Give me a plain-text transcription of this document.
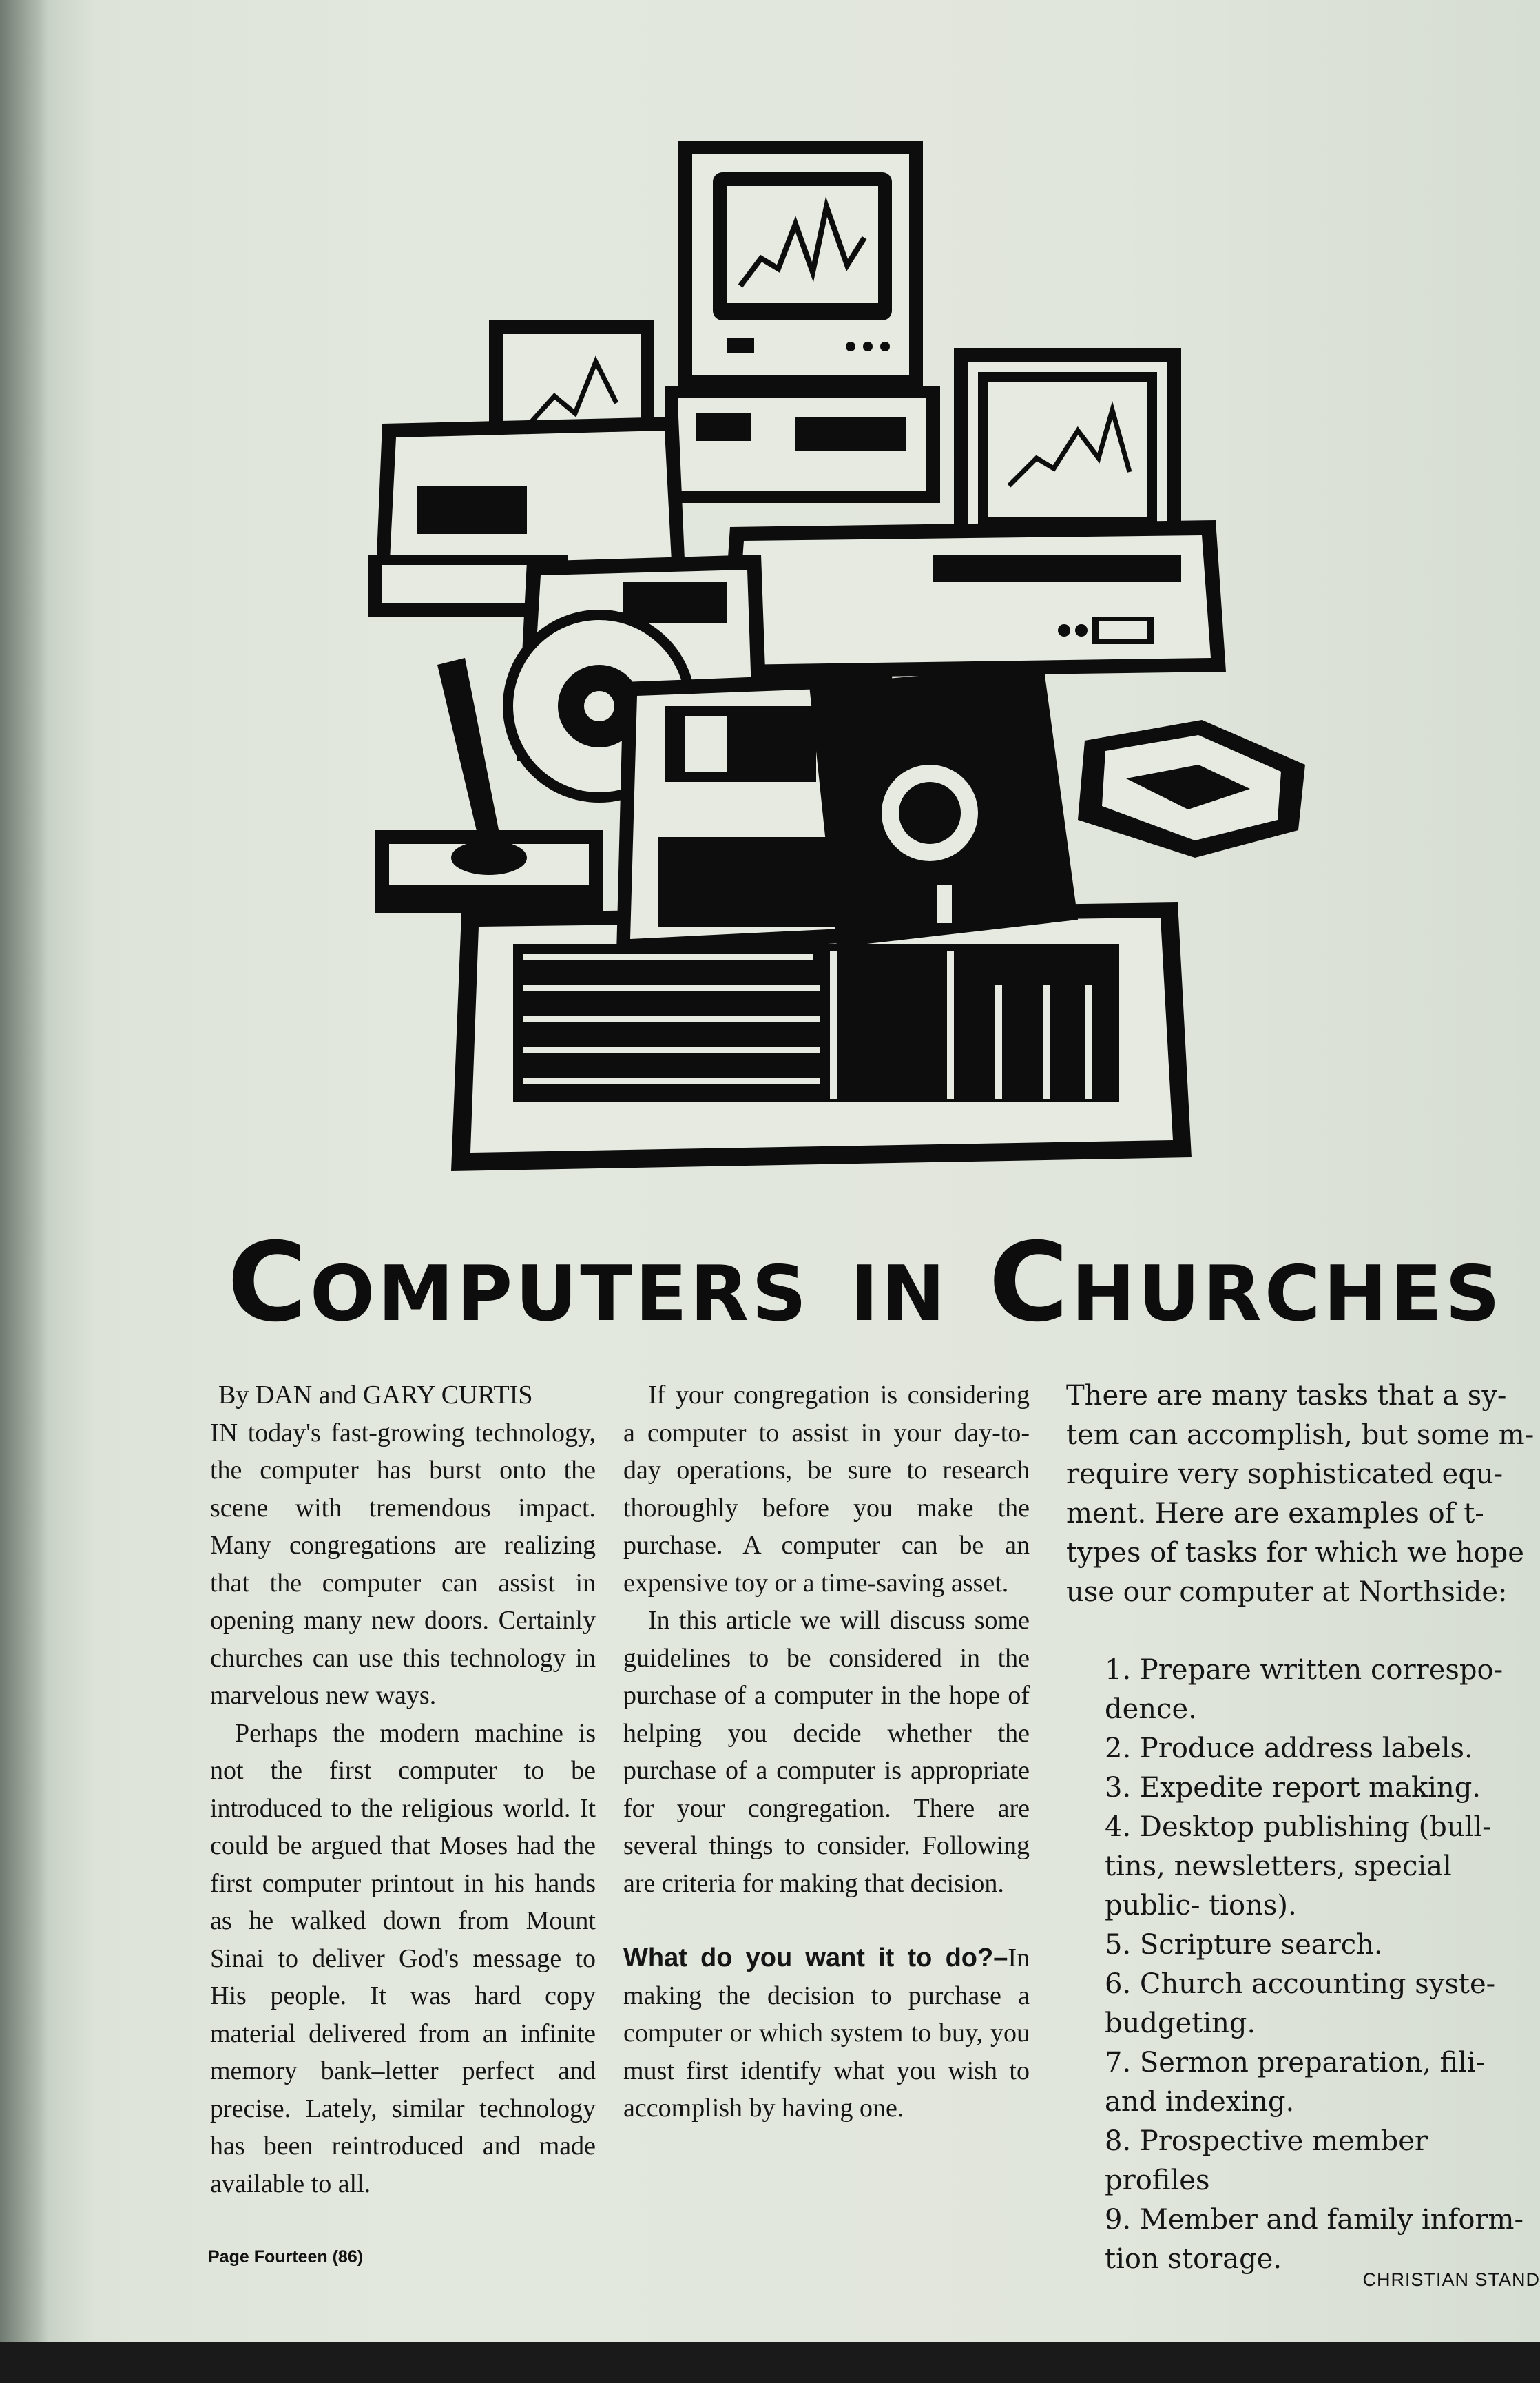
Computers in Churches

By DAN and GARY CURTIS

IN today's fast-growing technology, the computer has burst onto the scene with tremendous impact. Many congregations are realizing that the computer can assist in opening many new doors. Certainly churches can use this technology in marvelous new ways.

Perhaps the modern machine is not the first computer to be introduced to the religious world. It could be argued that Moses had the first computer printout in his hands as he walked down from Mount Sinai to deliver God's message to His people. It was hard copy material delivered from an infinite memory bank–letter perfect and precise. Lately, similar technology has been reintroduced and made available to all.

If your congregation is considering a computer to assist in your day-to-day operations, be sure to research thoroughly before you make the purchase. A computer can be an expensive toy or a time-saving asset.

In this article we will discuss some guidelines to be considered in the purchase of a computer in the hope of helping you decide whether the purchase of a computer is appropriate for your congregation. There are several things to consider. Following are criteria for making that decision.

What do you want it to do?–In making the decision to purchase a computer or which system to buy, you must first identify what you wish to accomplish by having one.

There are many tasks that a sy- tem can accomplish, but some m- require very sophisticated equ- ment. Here are examples of t- types of tasks for which we hope use our computer at Northside:

1. Prepare written correspo- dence.

2. Produce address labels.

3. Expedite report making.

4. Desktop publishing (bull- tins, newsletters, special public- tions).

5. Scripture search.

6. Church accounting syste- budgeting.

7. Sermon preparation, fili- and indexing.

8. Prospective member profiles

9. Member and family inform- tion storage.

Page Fourteen (86)
CHRISTIAN STAND
